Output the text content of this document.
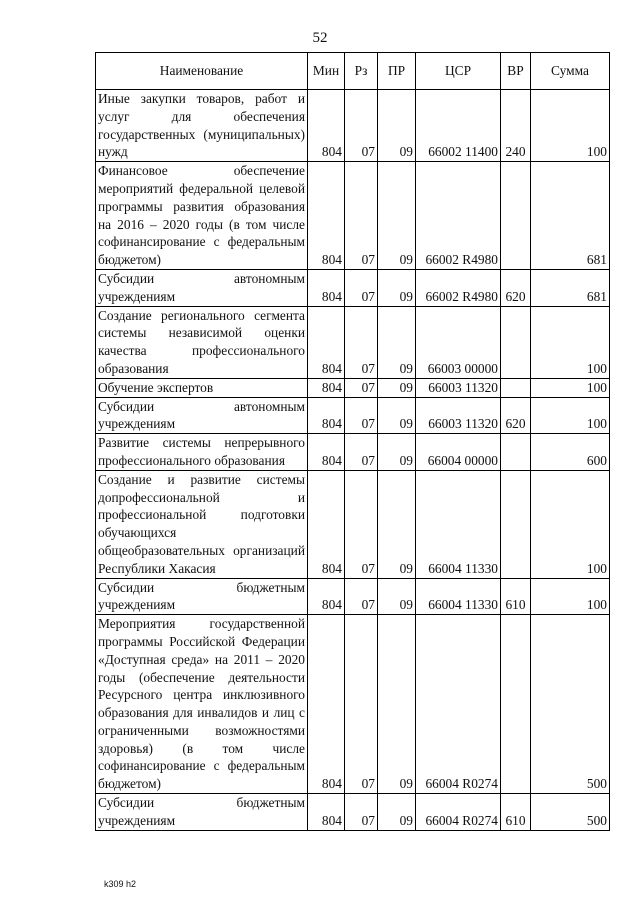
52
Наименование	Мин	Рз	ПР	ЦСР	ВР	Сумма
Иные закупки товаров, работ и услуг для обеспечения государственных (муниципальных) нужд	804	07	09	66002 11400	240	100
Финансовое обеспечение мероприятий федеральной целевой программы развития образования на 2016 – 2020 годы (в том числе софинансирование с федеральным бюджетом)	804	07	09	66002 R4980		681
Субсидии автономным учреждениям	804	07	09	66002 R4980	620	681
Создание регионального сегмента системы независимой оценки качества профессионального образования	804	07	09	66003 00000		100
Обучение экспертов	804	07	09	66003 11320		100
Субсидии автономным учреждениям	804	07	09	66003 11320	620	100
Развитие системы непрерывного профессионального образования	804	07	09	66004 00000		600
Создание и развитие системы допрофессиональной и профессиональной подготовки обучающихся общеобразовательных организаций Республики Хакасия	804	07	09	66004 11330		100
Субсидии бюджетным учреждениям	804	07	09	66004 11330	610	100
Мероприятия государственной программы Российской Федерации «Доступная среда» на 2011 – 2020 годы (обеспечение деятельности Ресурсного центра инклюзивного образования для инвалидов и лиц с ограниченными возможностями здоровья) (в том числе софинансирование с федеральным бюджетом)	804	07	09	66004 R0274		500
Субсидии бюджетным учреждениям	804	07	09	66004 R0274	610	500
k309 h2
